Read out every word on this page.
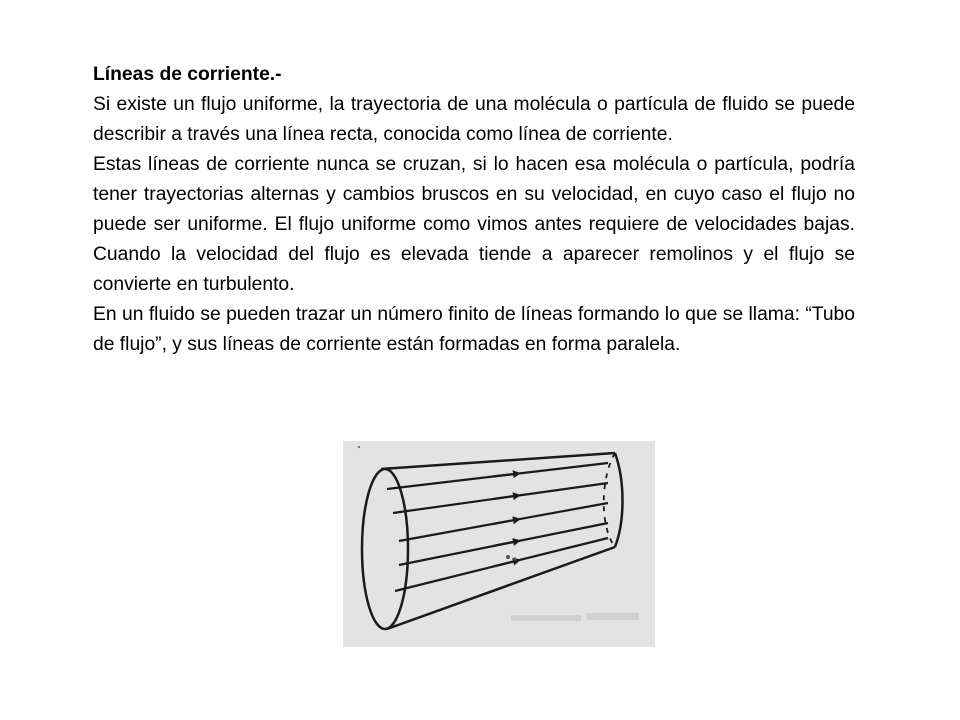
Líneas de corriente.-

Si existe un flujo uniforme, la trayectoria de una molécula o partícula de fluido se puede describir a través una línea recta, conocida como línea de corriente.

Estas líneas de corriente nunca se cruzan, si lo hacen esa molécula o partícula, podría tener trayectorias alternas y cambios bruscos en su velocidad, en cuyo caso el flujo no puede ser uniforme. El flujo uniforme como vimos antes requiere de velocidades bajas. Cuando la velocidad del flujo es elevada tiende a aparecer remolinos y el flujo se convierte en turbulento.

En un fluido se pueden trazar un número finito de líneas formando lo que se llama: “Tubo de flujo”, y sus líneas de corriente están formadas en forma paralela.
